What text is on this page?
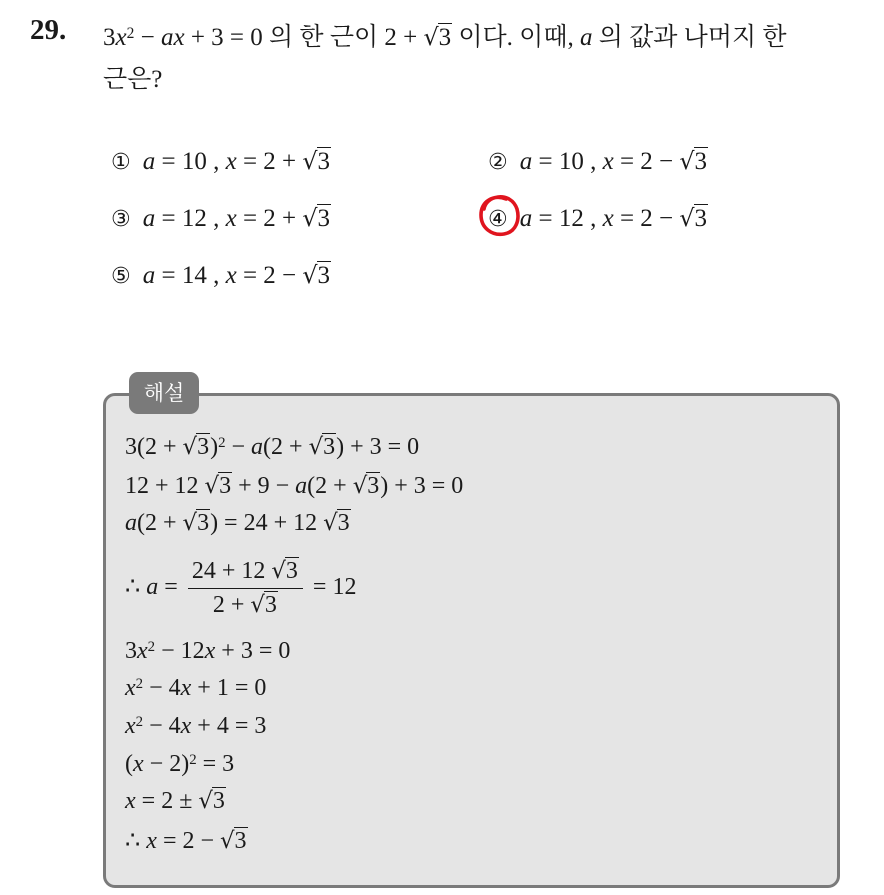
29. $3x^2$ − ax + 3 = 0 의 한 근이 2 + √3 이다. 이때, a 의 값과 나머지 한
근은?
① a = 10 , x = 2 + √3	② a = 10 , x = 2 − √3
③ a = 12 , x = 2 + √3	④ a = 12 , x = 2 − √3
⑤ a = 14 , x = 2 − √3
해설
$3(2 + √3)^2 - a(2 + √3) + 3 = 0$
12 + 12 √3 + 9 − a(2 + √3) + 3 = 0
a(2 + √3) = 24 + 12 √3
∴ $a = \frac{24 + 12 √3}{2 + √3} = 12$
$3x^2 - 12x + 3 = 0$
$x^2 - 4x + 1 = 0$
$x^2 - 4x + 4 = 3$
$(x - 2)^2 = 3$
x = 2 ± √3
∴ x = 2 − √3
